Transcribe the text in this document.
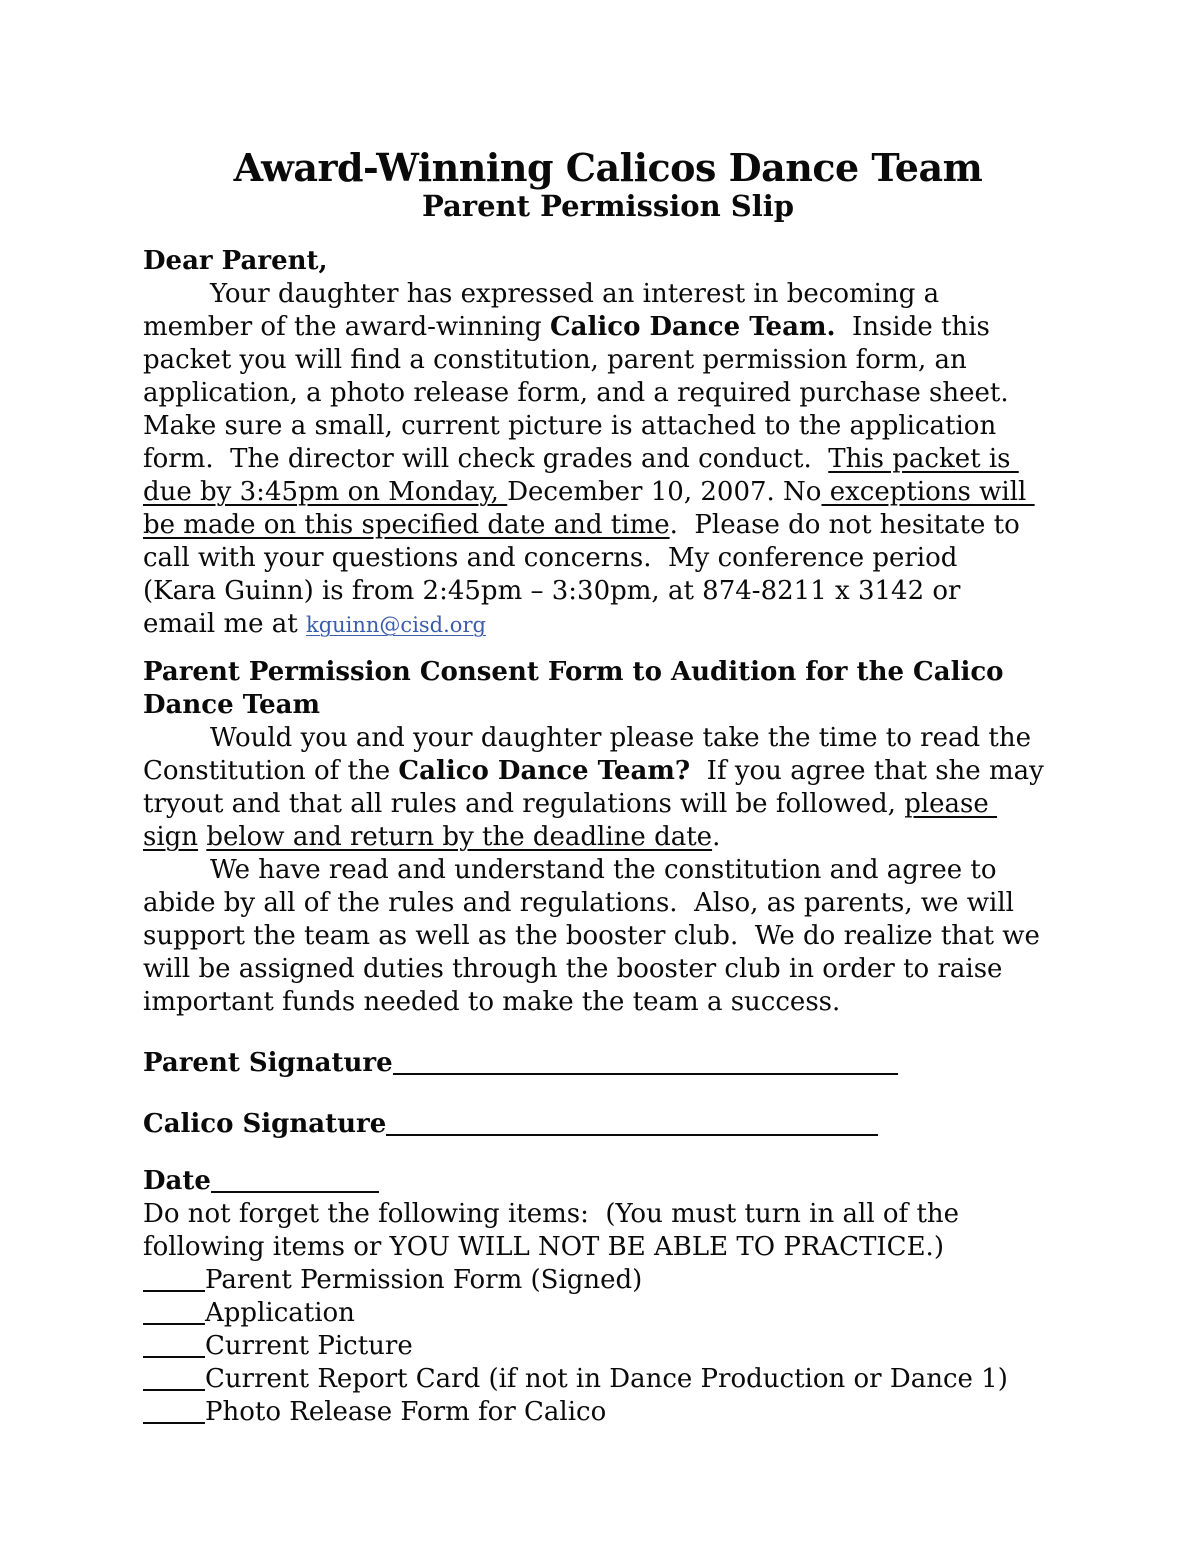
Award-Winning Calicos Dance Team
Parent Permission Slip
Dear Parent,
Your daughter has expressed an interest in becoming a
member of the award-winning Calico Dance Team.  Inside this
packet you will find a constitution, parent permission form, an
application, a photo release form, and a required purchase sheet.
Make sure a small, current picture is attached to the application
form.  The director will check grades and conduct.  This packet is
due by 3:45pm on Monday, December 10, 2007. No exceptions will
be made on this specified date and time.  Please do not hesitate to
call with your questions and concerns.  My conference period
(Kara Guinn) is from 2:45pm – 3:30pm, at 874-8211 x 3142 or
email me at kguinn@cisd.org
Parent Permission Consent Form to Audition for the Calico
Dance Team
Would you and your daughter please take the time to read the
Constitution of the Calico Dance Team?  If you agree that she may
tryout and that all rules and regulations will be followed, please
sign below and return by the deadline date.
We have read and understand the constitution and agree to
abide by all of the rules and regulations.  Also, as parents, we will
support the team as well as the booster club.  We do realize that we
will be assigned duties through the booster club in order to raise
important funds needed to make the team a success.
Parent Signature
Calico Signature
Date
Do not forget the following items:  (You must turn in all of the
following items or YOU WILL NOT BE ABLE TO PRACTICE.)
Parent Permission Form (Signed)
Application
Current Picture
Current Report Card (if not in Dance Production or Dance 1)
Photo Release Form for Calico
